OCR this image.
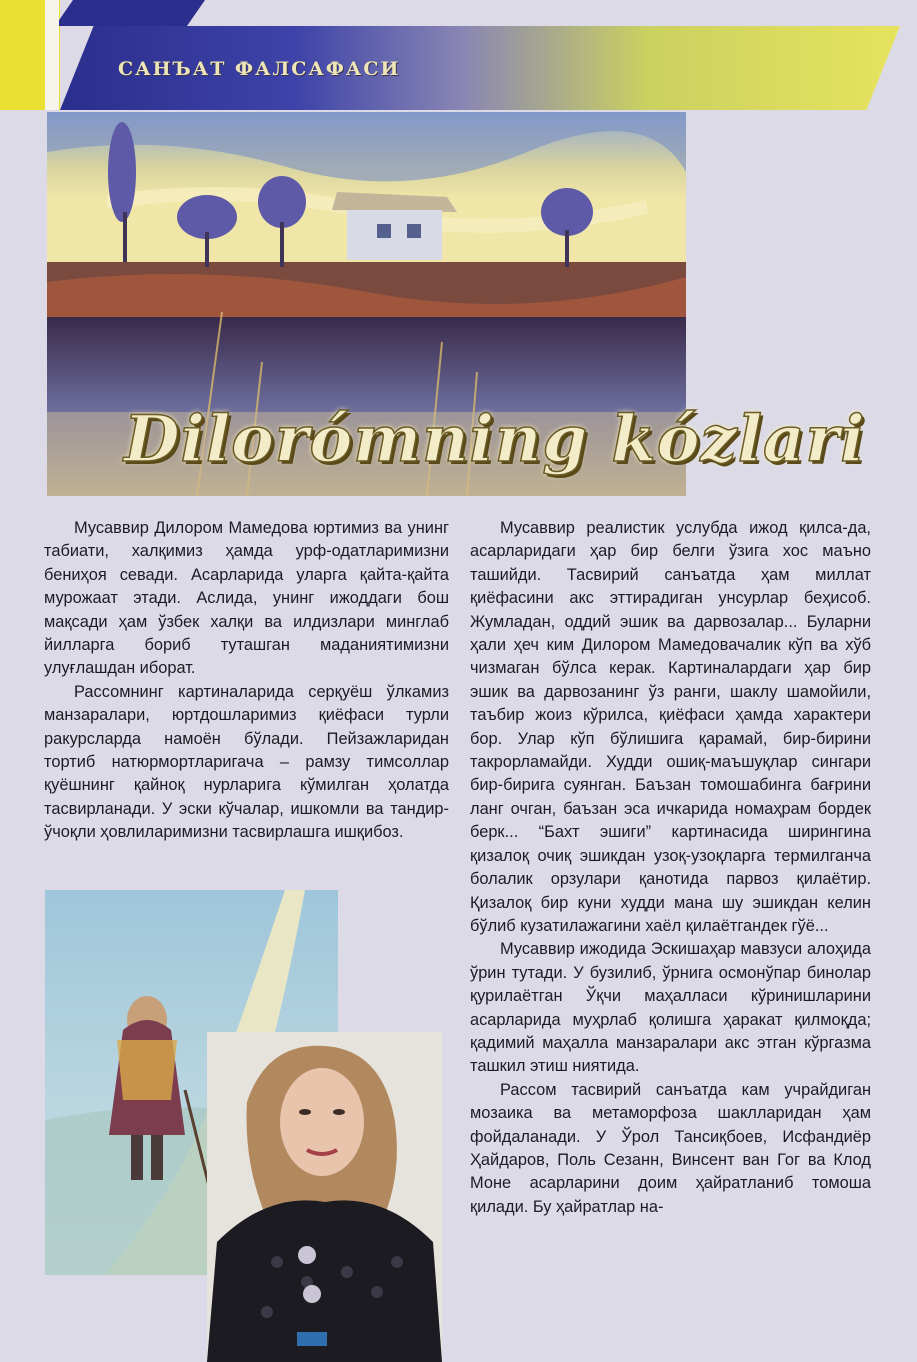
САНЪАТ ФАЛСАФАСИ
Dilorómning kózlari

Мусаввир Дилором Мамедова юртимиз ва унинг табиати, халқимиз ҳамда урф-одатларимизни бениҳоя севади. Асарларида уларга қайта-қайта мурожаат этади. Аслида, унинг ижоддаги бош мақсади ҳам ўзбек халқи ва илдизлари минглаб йилларга бориб туташган маданиятимизни улуғлашдан иборат.

Рассомнинг картиналарида серқуёш ўлкамиз манзаралари, юртдошларимиз қиёфаси турли ракурсларда намоён бўлади. Пейзажларидан тортиб натюрмортларигача – рамзу тимсоллар қуёшнинг қайноқ нурларига кўмилган ҳолатда тасвирланади. У эски кўчалар, ишкомли ва тандир-ўчоқли ҳовлиларимизни тасвирлашга ишқибоз.

Мусаввир реалистик услубда ижод қилса-да, асарларидаги ҳар бир белги ўзига хос маъно ташийди. Тасвирий санъатда ҳам миллат қиёфасини акс эттирадиган унсурлар беҳисоб. Жумладан, оддий эшик ва дарвозалар... Буларни ҳали ҳеч ким Дилором Мамедовачалик кўп ва хўб чизмаган бўлса керак. Картиналардаги ҳар бир эшик ва дарвозанинг ўз ранги, шаклу шамойили, таъбир жоиз кўрилса, қиёфаси ҳамда характери бор. Улар кўп бўлишига қарамай, бир-бирини такрорламайди. Худди ошиқ-маъшуқлар сингари бир-бирига суянган. Баъзан томошабинга бағрини ланг очган, баъзан эса ичкарида номаҳрам бордек берк... “Бахт эшиги” картинасида ширингина қизалоқ очиқ эшикдан узоқ-узоқларга термилганча болалик орзулари қанотида парвоз қилаётир. Қизалоқ бир куни худди мана шу эшикдан келин бўлиб кузатилажагини хаёл қилаётгандек гўё...

Мусаввир ижодида Эскишаҳар мавзуси алоҳида ўрин тутади. У бузилиб, ўрнига осмонўпар бинолар қурилаётган Ўқчи маҳалласи кўринишларини асарларида муҳрлаб қолишга ҳаракат қилмоқда; қадимий маҳалла манзаралари акс этган кўргазма ташкил этиш ниятида.

Рассом тасвирий санъатда кам учрайдиган мозаика ва метаморфоза шаклларидан ҳам фойдаланади. У Ўрол Тансиқбоев, Исфандиёр Ҳайдаров, Поль Сезанн, Винсент ван Гог ва Клод Моне асарларини доим ҳайратланиб томоша қилади. Бу ҳайратлар на-
